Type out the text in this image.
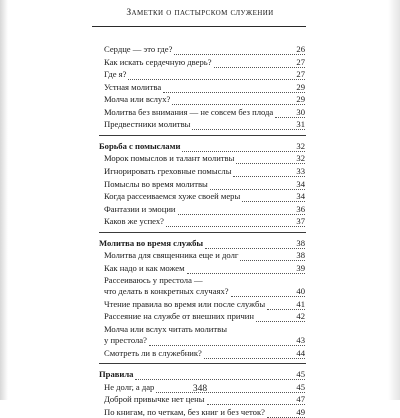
Заметки о пастырском служении
Сердце — это где?	26
Как искать сердечную дверь?	27
Где я?	27
Устная молитва	29
Молча или вслух?	29
Молитва без внимания — не совсем без плода	30
Предвестники молитвы	31
Борьба с помыслами	32
Морок помыслов и талант молитвы	32
Игнорировать греховные помыслы	33
Помыслы во время молитвы	34
Когда рассеиваемся хуже своей меры	34
Фантазии и эмоции	36
Каков же успех?	37
Молитва во время службы	38
Молитва для священника еще и долг	38
Как надо и как можем	39
Рассеиваюсь у престола —
что делать в конкретных случаях?	40
Чтение правила во время или после службы	41
Рассеяние на службе от внешних причин	42
Молча или вслух читать молитвы
у престола?	43
Смотреть ли в служебник?	44
Правила	45
Не долг, а дар	45
Доброй привычке нет цены	47
По книгам, по четкам, без книг и без четок?	49
348
